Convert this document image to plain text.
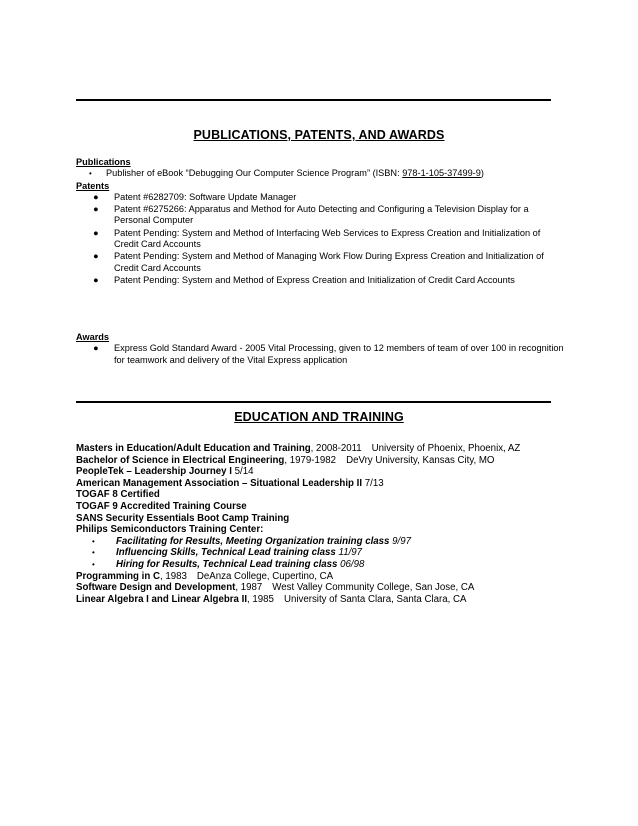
PUBLICATIONS, PATENTS, AND AWARDS
Publications
• Publisher of eBook “Debugging Our Computer Science Program” (ISBN: 978-1-105-37499-9)
Patents
● Patent #6282709: Software Update Manager
● Patent #6275266: Apparatus and Method for Auto Detecting and Configuring a Television Display for a Personal Computer
● Patent Pending: System and Method of Interfacing Web Services to Express Creation and Initialization of Credit Card Accounts
● Patent Pending: System and Method of Managing Work Flow During Express Creation and Initialization of Credit Card Accounts
● Patent Pending: System and Method of Express Creation and Initialization of Credit Card Accounts
Awards
● Express Gold Standard Award - 2005 Vital Processing, given to 12 members of team of over 100 in recognition for teamwork and delivery of the Vital Express application
EDUCATION AND TRAINING
Masters in Education/Adult Education and Training, 2008-2011 University of Phoenix, Phoenix, AZ
Bachelor of Science in Electrical Engineering, 1979-1982 DeVry University, Kansas City, MO
PeopleTek – Leadership Journey I 5/14
American Management Association – Situational Leadership II 7/13
TOGAF 8 Certified
TOGAF 9 Accredited Training Course
SANS Security Essentials Boot Camp Training
Philips Semiconductors Training Center:
• Facilitating for Results, Meeting Organization training class 9/97
• Influencing Skills, Technical Lead training class 11/97
• Hiring for Results, Technical Lead training class 06/98
Programming in C, 1983 DeAnza College, Cupertino, CA
Software Design and Development, 1987 West Valley Community College, San Jose, CA
Linear Algebra I and Linear Algebra II, 1985 University of Santa Clara, Santa Clara, CA
